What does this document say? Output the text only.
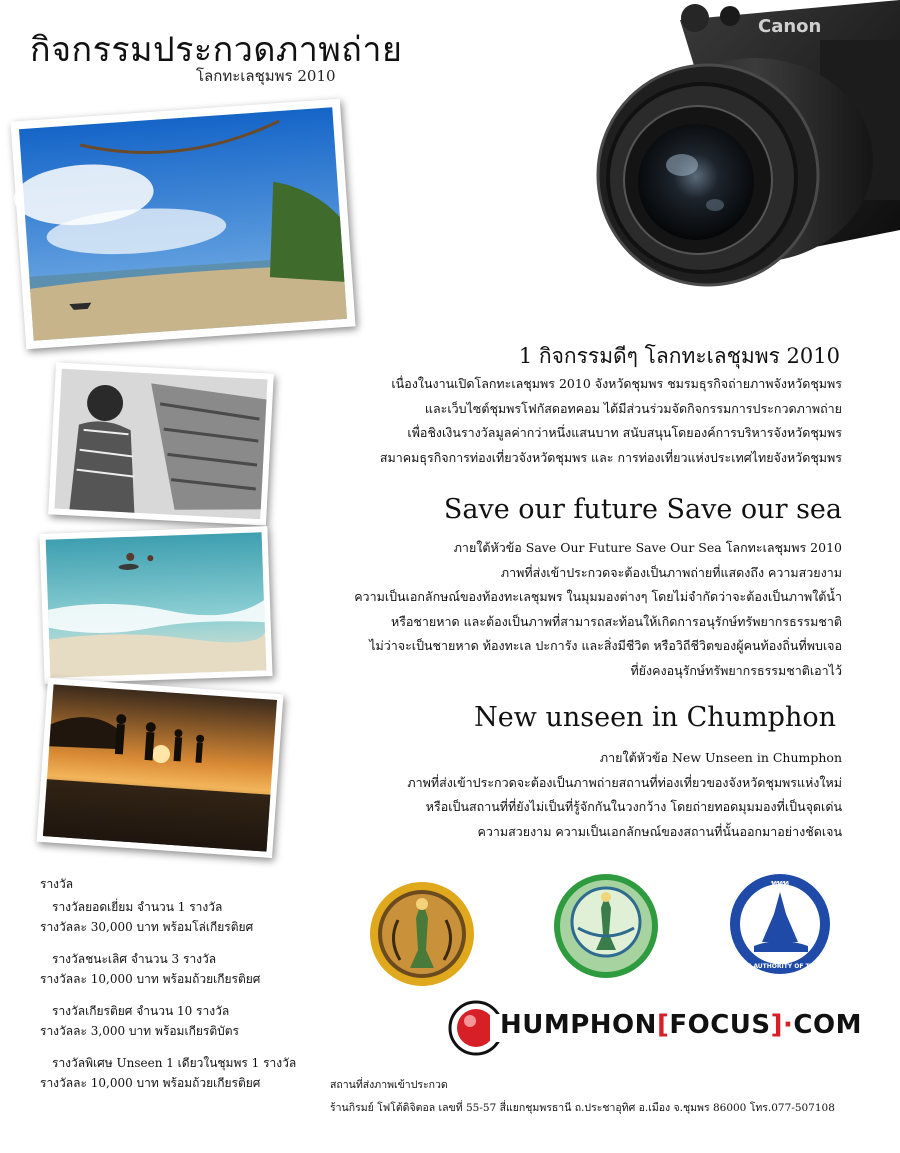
กิจกรรมประกวดภาพถ่าย
โลกทะเลชุมพร 2010
Canon
1 กิจกรรมดีๆ โลกทะเลชุมพร 2010
เนื่องในงานเปิดโลกทะเลชุมพร 2010 จังหวัดชุมพร ชมรมธุรกิจถ่ายภาพจังหวัดชุมพร
และเว็บไซต์ชุมพรโฟกัสดอทคอม ได้มีส่วนร่วมจัดกิจกรรมการประกวดภาพถ่าย
เพื่อชิงเงินรางวัลมูลค่ากว่าหนึ่งแสนบาท สนับสนุนโดยองค์การบริหารจังหวัดชุมพร
สมาคมธุรกิจการท่องเที่ยวจังหวัดชุมพร และ การท่องเที่ยวแห่งประเทศไทยจังหวัดชุมพร
Save our future Save our sea
ภายใต้หัวข้อ Save Our Future Save Our Sea โลกทะเลชุมพร 2010
ภาพที่ส่งเข้าประกวดจะต้องเป็นภาพถ่ายที่แสดงถึง ความสวยงาม
ความเป็นเอกลักษณ์ของท้องทะเลชุมพร ในมุมมองต่างๆ โดยไม่จำกัดว่าจะต้องเป็นภาพใต้น้ำ
หรือชายหาด และต้องเป็นภาพที่สามารถสะท้อนให้เกิดการอนุรักษ์ทรัพยากรธรรมชาติ
ไม่ว่าจะเป็นชายหาด ท้องทะเล ปะการัง และสิ่งมีชีวิต หรือวิถีชีวิตของผู้คนท้องถิ่นที่พบเจอ
ที่ยังคงอนุรักษ์ทรัพยากรธรรมชาติเอาไว้
New unseen in Chumphon
ภายใต้หัวข้อ New Unseen in Chumphon
ภาพที่ส่งเข้าประกวดจะต้องเป็นภาพถ่ายสถานที่ท่องเที่ยวของจังหวัดชุมพรแห่งใหม่
หรือเป็นสถานที่ที่ยังไม่เป็นที่รู้จักกันในวงกว้าง โดยถ่ายทอดมุมมองที่เป็นจุดเด่น
ความสวยงาม ความเป็นเอกลักษณ์ของสถานที่นั้นออกมาอย่างชัดเจน
รางวัล
รางวัลยอดเยี่ยม จำนวน 1 รางวัล
รางวัลละ 30,000 บาท พร้อมโล่เกียรติยศ
รางวัลชนะเลิศ จำนวน 3 รางวัล
รางวัลละ 10,000 บาท พร้อมถ้วยเกียรติยศ
รางวัลเกียรติยศ จำนวน 10 รางวัล
รางวัลละ 3,000 บาท พร้อมเกียรติบัตร
รางวัลพิเศษ Unseen 1 เดียวในชุมพร 1 รางวัล
รางวัลละ 10,000 บาท พร้อมถ้วยเกียรติยศ
ททท
TOURISM AUTHORITY OF THAILAND
HUMPHON[FOCUS]·COM
สถานที่ส่งภาพเข้าประกวด
ร้านกิรมย์ โฟโต้ดิจิตอล เลขที่ 55-57 สี่แยกชุมพรธานี ถ.ประชาอุทิศ อ.เมือง จ.ชุมพร 86000 โทร.077-507108
